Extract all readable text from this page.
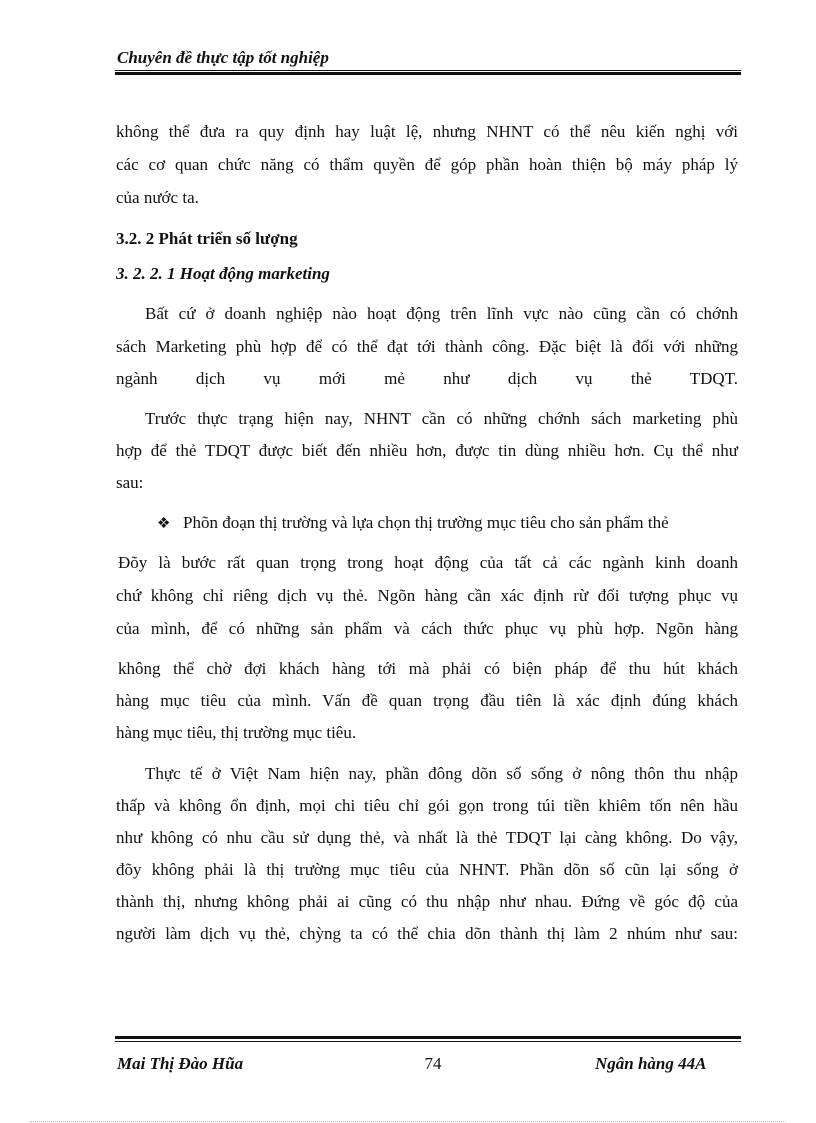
Chuyên đề thực tập tốt nghiệp
không thể đưa ra quy định hay luật lệ, nhưng NHNT có thể nêu kiến nghị với
các cơ quan chức năng có thẩm quyền để góp phần hoàn thiện bộ máy pháp lý
của nước ta.
3.2. 2 Phát triển số lượng
3. 2. 2. 1 Hoạt động marketing
Bất cứ ở doanh nghiệp nào hoạt động trên lĩnh vực nào cũng cần có chớnh
sách Marketing phù hợp để có thể đạt tới thành công. Đặc biệt là đối với những
ngành dịch vụ mới mẻ như dịch vụ thẻ TDQT.
Trước thực trạng hiện nay, NHNT cần có những chớnh sách marketing phù
hợp để thẻ TDQT được biết đến nhiều hơn, được tin dùng nhiều hơn. Cụ thể như
sau:
❖ Phõn đoạn thị trường và lựa chọn thị trường mục tiêu cho sản phẩm thẻ
Đõy là bước rất quan trọng trong hoạt động của tất cả các ngành kinh doanh
chứ không chỉ riêng dịch vụ thẻ. Ngõn hàng cần xác định rừ đối tượng phục vụ
của mình, để có những sản phẩm và cách thức phục vụ phù hợp. Ngõn hàng
không thể chờ đợi khách hàng tới mà phải có biện pháp để thu hút khách
hàng mục tiêu của mình. Vấn đề quan trọng đầu tiên là xác định đúng khách
hàng mục tiêu, thị trường mục tiêu.
Thực tế ở Việt Nam hiện nay, phần đông dõn số sống ở nông thôn thu nhập
thấp và không ổn định, mọi chi tiêu chỉ gói gọn trong túi tiền khiêm tốn nên hầu
như không có nhu cầu sử dụng thẻ, và nhất là thẻ TDQT lại càng không. Do vậy,
đõy không phải là thị trường mục tiêu của NHNT. Phần dõn số cũn lại sống ở
thành thị, nhưng không phải ai cũng có thu nhập như nhau. Đứng về góc độ của
người làm dịch vụ thẻ, chỳng ta có thể chia dõn thành thị làm 2 nhúm như sau:
Mai Thị Đào Hũa	74	Ngân hàng 44A
